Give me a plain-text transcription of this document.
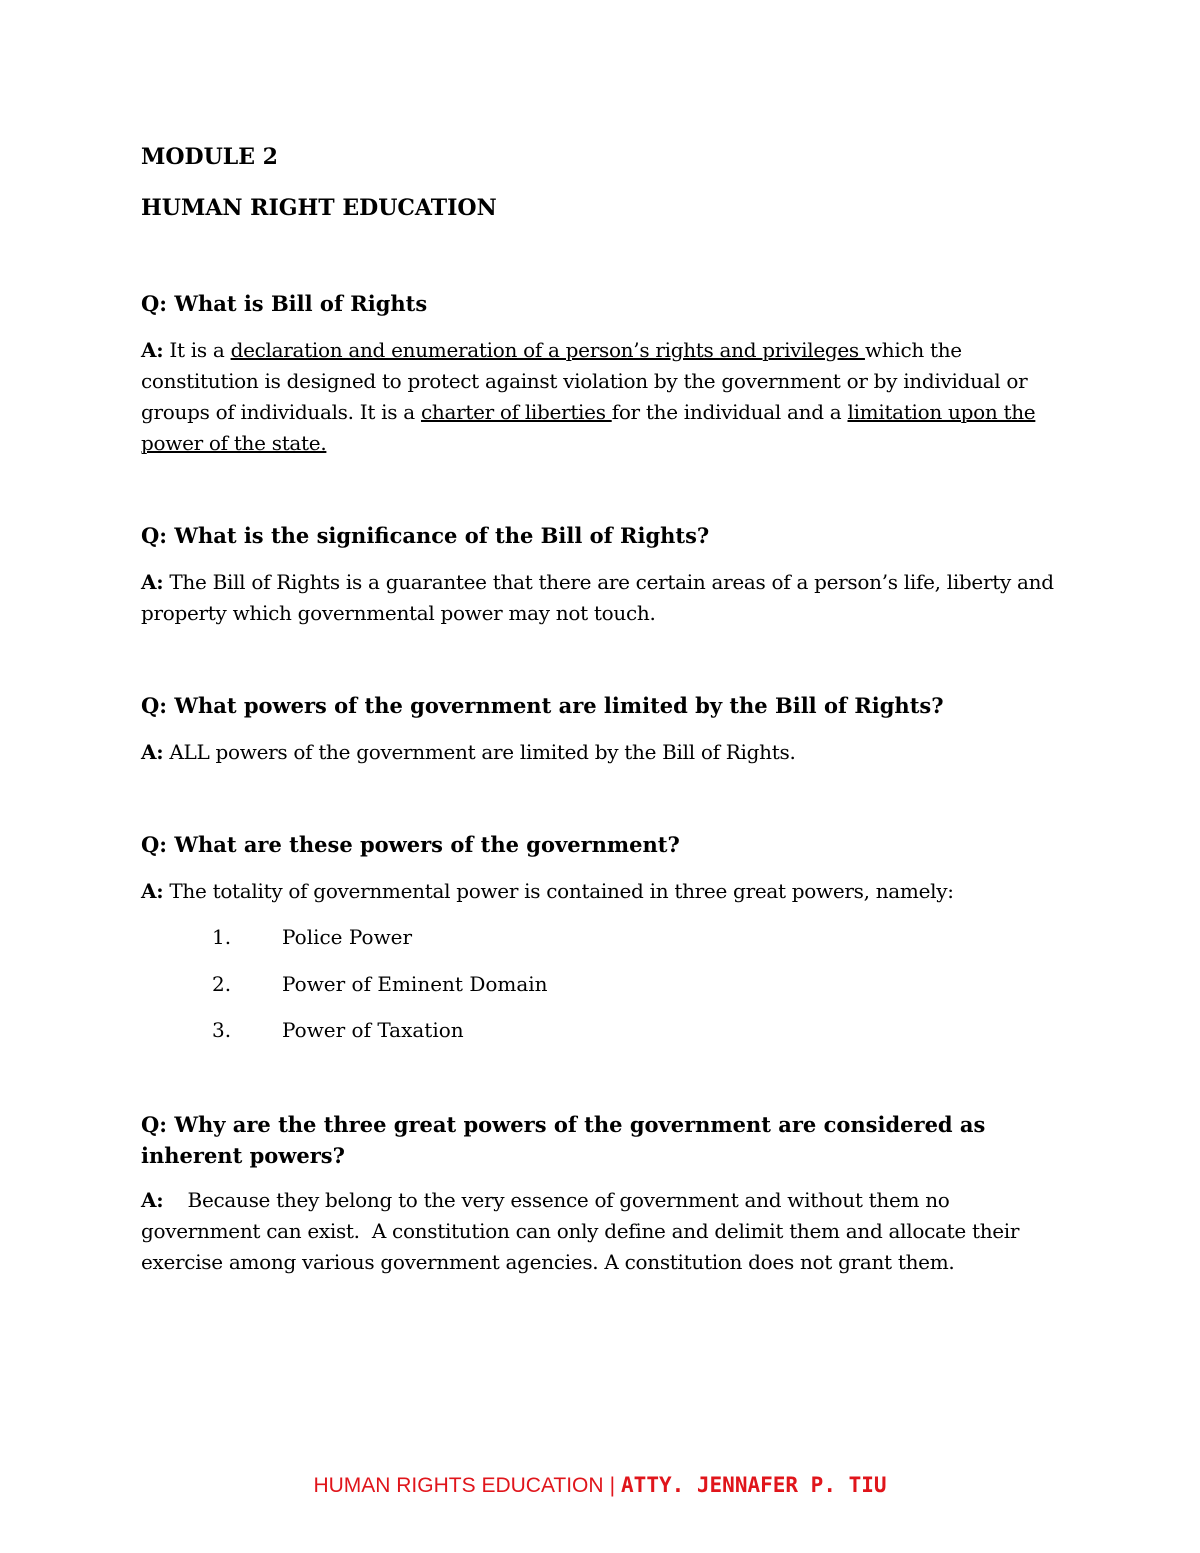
MODULE 2

HUMAN RIGHT EDUCATION

Q: What is Bill of Rights

A: It is a declaration and enumeration of a person’s rights and privileges which the constitution is designed to protect against violation by the government or by individual or groups of individuals. It is a charter of liberties for the individual and a limitation upon the power of the state.

Q: What is the significance of the Bill of Rights?

A: The Bill of Rights is a guarantee that there are certain areas of a person’s life, liberty and property which governmental power may not touch.

Q: What powers of the government are limited by the Bill of Rights?

A: ALL powers of the government are limited by the Bill of Rights.

Q: What are these powers of the government?

A: The totality of governmental power is contained in three great powers, namely:

1.	Police Power
2.	Power of Eminent Domain
3.	Power of Taxation

Q: Why are the three great powers of the government are considered as inherent powers?

A:    Because they belong to the very essence of government and without them no government can exist.  A constitution can only define and delimit them and allocate their exercise among various government agencies. A constitution does not grant them.

HUMAN RIGHTS EDUCATION | ATTY. JENNAFER P. TIU
